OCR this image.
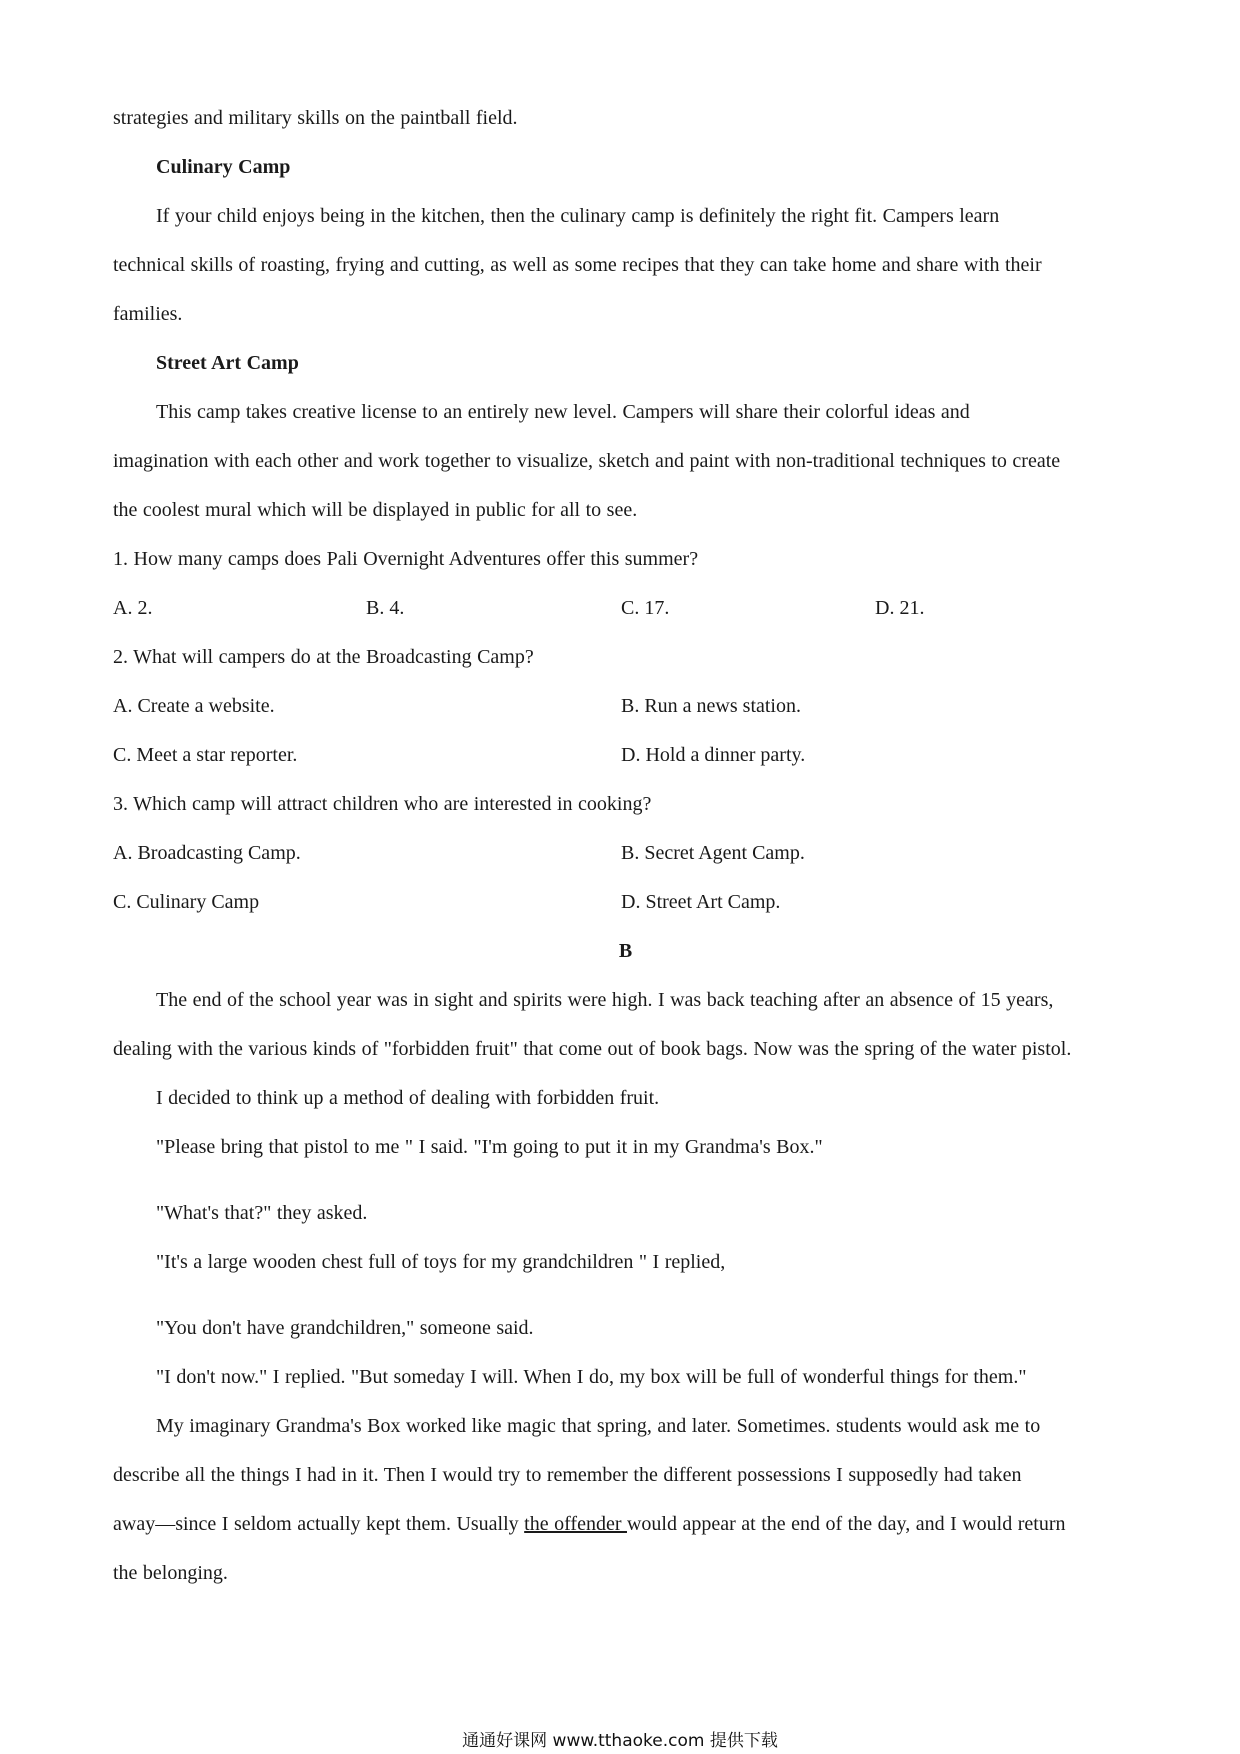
strategies and military skills on the paintball field.
Culinary Camp
If your child enjoys being in the kitchen, then the culinary camp is definitely the right fit. Campers learn
technical skills of roasting, frying and cutting, as well as some recipes that they can take home and share with their
families.
Street Art Camp
This camp takes creative license to an entirely new level. Campers will share their colorful ideas and
imagination with each other and work together to visualize, sketch and paint with non-traditional techniques to create
the coolest mural which will be displayed in public for all to see.
1. How many camps does Pali Overnight Adventures offer this summer?
A. 2.	B. 4.	C. 17.	D. 21.
2. What will campers do at the Broadcasting Camp?
A. Create a website.	B. Run a news station.
C. Meet a star reporter.	D. Hold a dinner party.
3. Which camp will attract children who are interested in cooking?
A. Broadcasting Camp.	B. Secret Agent Camp.
C. Culinary Camp	D. Street Art Camp.
B
The end of the school year was in sight and spirits were high. I was back teaching after an absence of 15 years,
dealing with the various kinds of "forbidden fruit" that come out of book bags. Now was the spring of the water pistol.
I decided to think up a method of dealing with forbidden fruit.
"Please bring that pistol to me " I said. "I'm going to put it in my Grandma's Box."
"What's that?" they asked.
"It's a large wooden chest full of toys for my grandchildren " I replied,
"You don't have grandchildren," someone said.
"I don't now." I replied. "But someday I will. When I do, my box will be full of wonderful things for them."
My imaginary Grandma's Box worked like magic that spring, and later. Sometimes. students would ask me to
describe all the things I had in it. Then I would try to remember the different possessions I supposedly had taken
away—since I seldom actually kept them. Usually the offender would appear at the end of the day, and I would return
the belonging.
通通好课网 www.tthaoke.com 提供下载
